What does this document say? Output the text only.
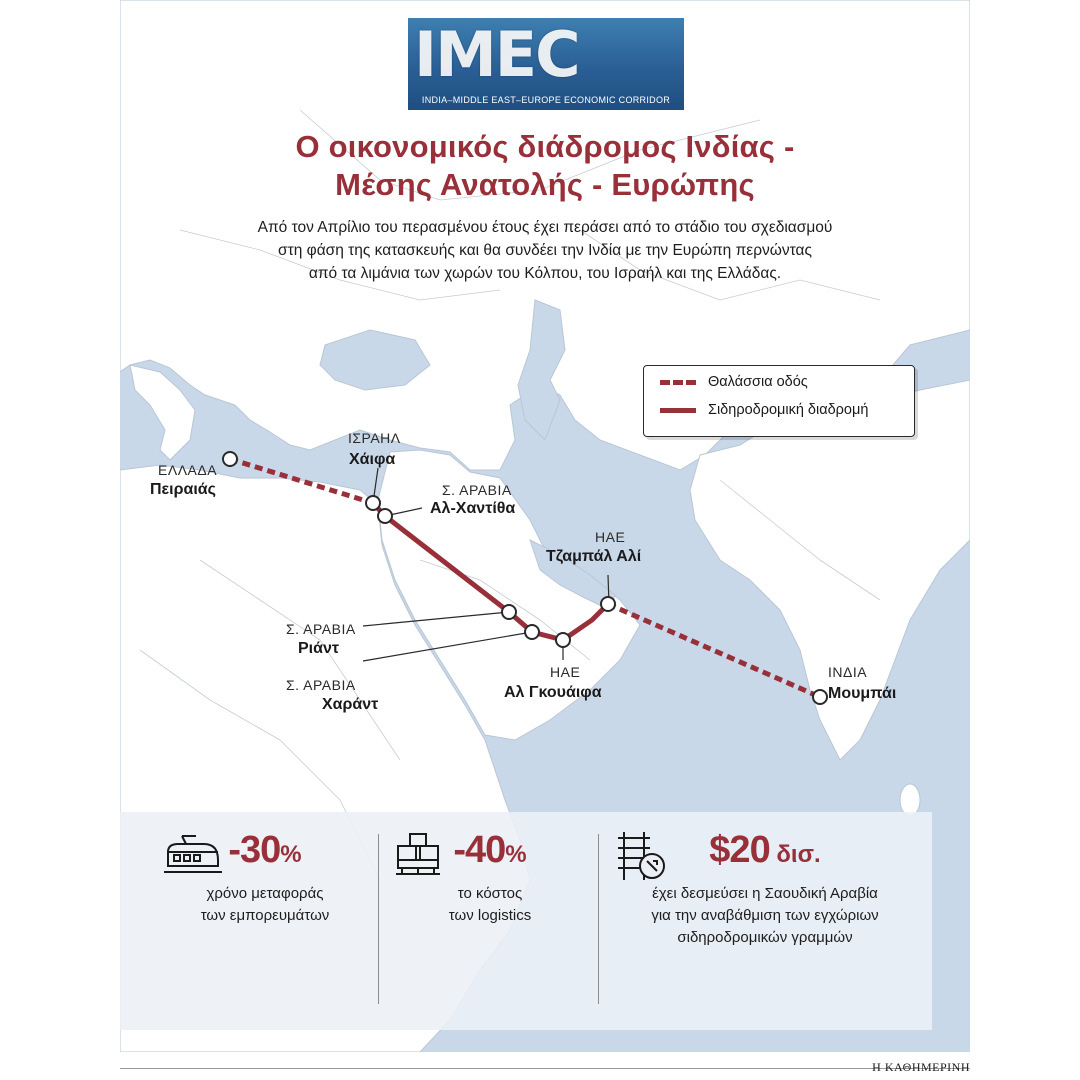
IMEC
INDIA–MIDDLE EAST–EUROPE ECONOMIC CORRIDOR
Ο οικονομικός διάδρομος Ινδίας -
Μέσης Ανατολής - Ευρώπης
Από τον Απρίλιο του περασμένου έτους έχει περάσει από το στάδιο του σχεδιασμού
στη φάση της κατασκευής και θα συνδέει την Ινδία με την Ευρώπη περνώντας
από τα λιμάνια των χωρών του Κόλπου, του Ισραήλ και της Ελλάδας.
Θαλάσσια οδός
Σιδηροδρομική διαδρομή
ΕΛΛΑΔΑ
Πειραιάς
ΙΣΡΑΗΛ
Χάιφα
Σ. ΑΡΑΒΙΑ
Αλ-Χαντίθα
ΗΑΕ
Τζαμπάλ Αλί
Σ. ΑΡΑΒΙΑ
Ριάντ
Σ. ΑΡΑΒΙΑ
Χαράντ
ΗΑΕ
Αλ Γκουάιφα
ΙΝΔΙΑ
Μουμπάι
-30%
χρόνο μεταφοράς
των εμπορευμάτων
-40%
το κόστος
των logistics
$20 δισ.
έχει δεσμεύσει η Σαουδική Αραβία
για την αναβάθμιση των εγχώριων
σιδηροδρομικών γραμμών
Η ΚΑΘΗΜΕΡΙΝΗ
